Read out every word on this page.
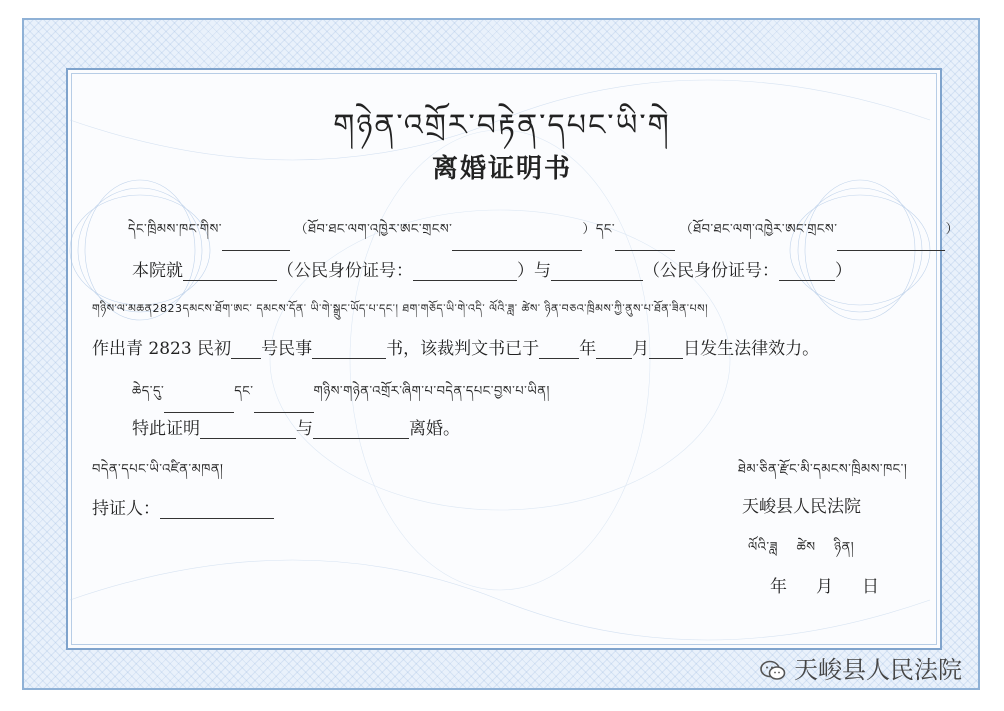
གཉེན་འགྲོར་བརྟེན་དཔང་ཡི་གེ
离婚证明书
དེང་ཁྲིམས་ཁང་གིས་	（ཐོབ་ཐང་ལག་འཁྱེར་ཨང་གྲངས་	）དང་	（ཐོབ་ཐང་ལག་འཁྱེར་ཨང་གྲངས་	）
本院就	（公民身份证号：	）与	（公民身份证号：	）
གཉིས་ལ་མཆན2823དམངས་ཐོག་ཨང་ དམངས་དོན་ ཡི་གེ་སྒྲུང་ཡོད་པ་དང་། ཐག་གཅོད་ཡི་གེ་འདི་ ལོའི་ཟླ་ ཚེས་ ཉིན་བཅའ་ཁྲིམས་ཀྱི་ནུས་པ་ཐོན་ཟིན་པས།
作出青 2823 民初 号民事	书，该裁判文书已于 年 月 日发生法律效力。
ཆེད་དུ་	དང་	གཉིས་གཉེན་འགྲོར་ཞིག་པ་བདེན་དཔང་བྱས་པ་ཡིན།
特此证明	与	离婚。
བདེན་དཔང་ཡི་འཛིན་མཁན།
持证人：
ཐེམ་ཅིན་རྫོང་མི་དམངས་ཁྲིམས་ཁང་།
天峻县人民法院
ལོའི་ཟླ ཚེས ཉིན།
年　月　日
天峻县人民法院
